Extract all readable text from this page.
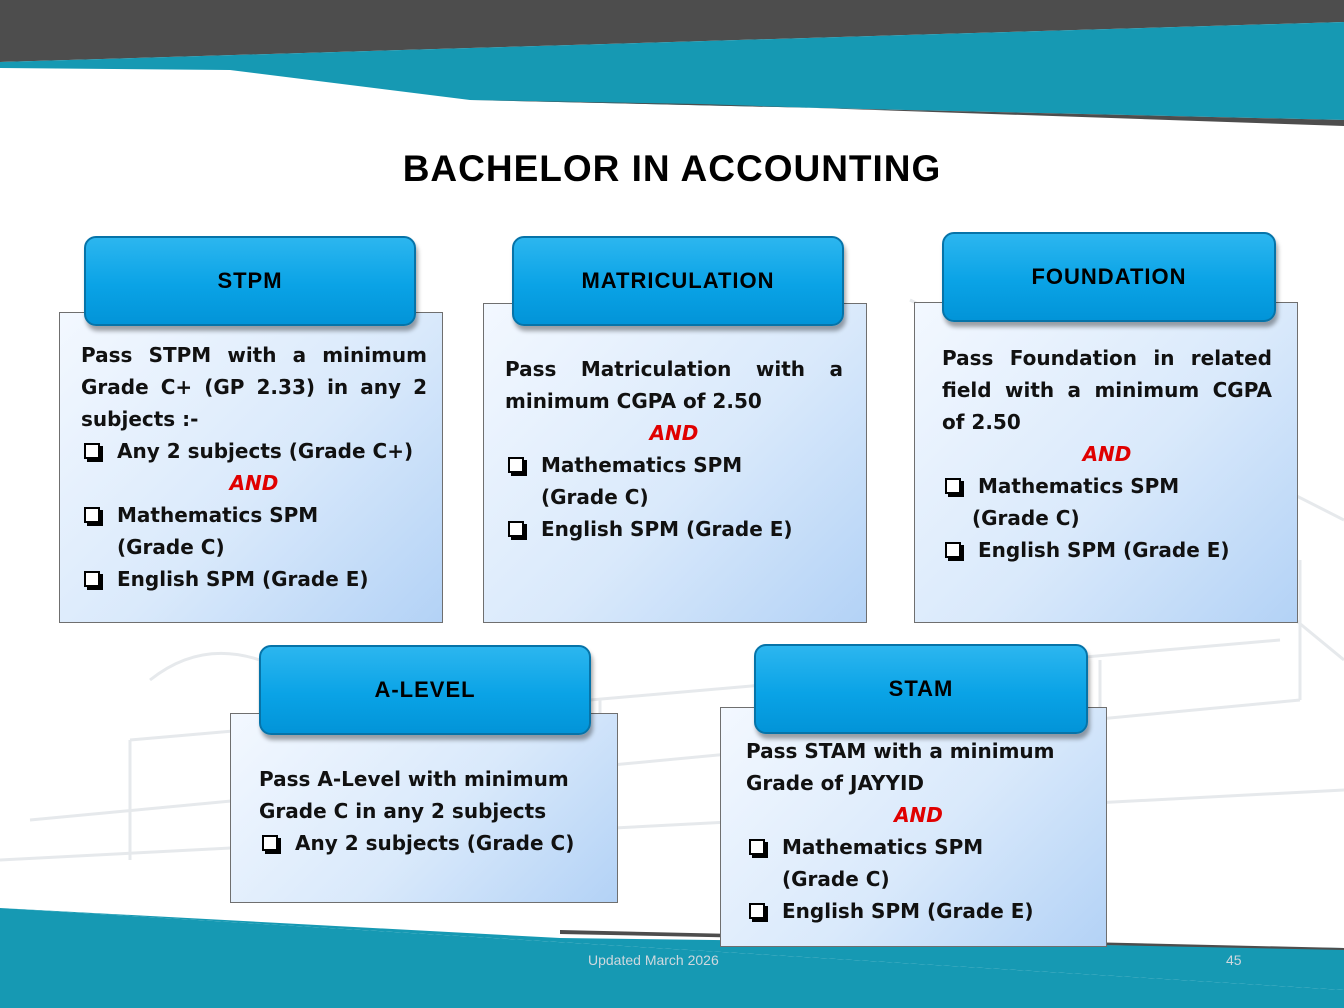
BACHELOR IN ACCOUNTING
STPM
Pass STPM with a minimum
Grade C+ (GP 2.33) in any 2
subjects :-
Any 2 subjects (Grade C+)
AND
Mathematics SPM
(Grade C)
English SPM (Grade E)
MATRICULATION
Pass Matriculation with a
minimum CGPA of 2.50
AND
Mathematics SPM
(Grade C)
English SPM (Grade E)
FOUNDATION
Pass Foundation in related
field with a minimum CGPA
of 2.50
AND
Mathematics SPM
(Grade C)
English SPM (Grade E)
A-LEVEL
Pass A-Level with minimum
Grade C in any 2 subjects
Any 2 subjects (Grade C)
STAM
Pass STAM with a minimum
Grade of JAYYID
AND
Mathematics SPM
(Grade C)
English SPM (Grade E)
Updated March 2026	45
